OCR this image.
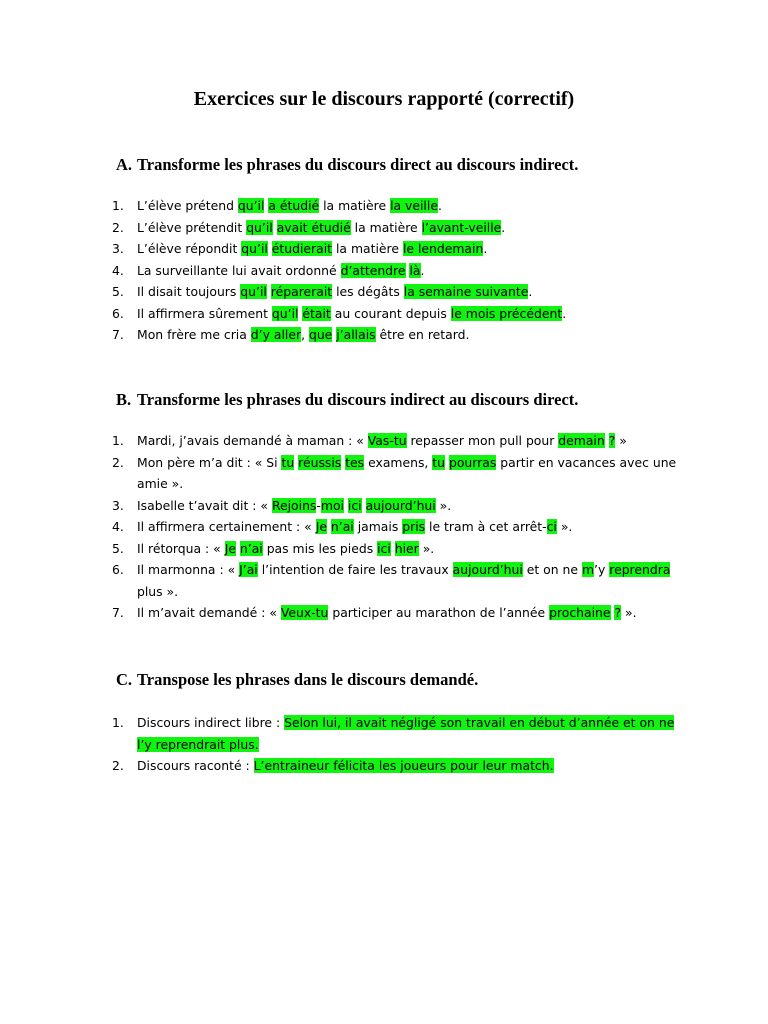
Exercices sur le discours rapporté (correctif)
A. Transforme les phrases du discours direct au discours indirect.
1. L’élève prétend qu’il a étudié la matière la veille.
2. L’élève prétendit qu’il avait étudié la matière l’avant-veille.
3. L’élève répondit qu’il étudierait la matière le lendemain.
4. La surveillante lui avait ordonné d’attendre là.
5. Il disait toujours qu’il réparerait les dégâts la semaine suivante.
6. Il affirmera sûrement qu’il était au courant depuis le mois précédent.
7. Mon frère me cria d’y aller, que j’allais être en retard.
B. Transforme les phrases du discours indirect au discours direct.
1. Mardi, j’avais demandé à maman : « Vas-tu repasser mon pull pour demain ? »
2. Mon père m’a dit : « Si tu réussis tes examens, tu pourras partir en vacances avec une amie ».
3. Isabelle t’avait dit : « Rejoins-moi ici aujourd’hui ».
4. Il affirmera certainement : « Je n’ai jamais pris le tram à cet arrêt-ci ».
5. Il rétorqua : « Je n’ai pas mis les pieds ici hier ».
6. Il marmonna : « J’ai l’intention de faire les travaux aujourd’hui et on ne m’y reprendra plus ».
7. Il m’avait demandé : « Veux-tu participer au marathon de l’année prochaine ? ».
C. Transpose les phrases dans le discours demandé.
1. Discours indirect libre : Selon lui, il avait négligé son travail en début d’année et on ne l’y reprendrait plus.
2. Discours raconté : L’entraineur félicita les joueurs pour leur match.
